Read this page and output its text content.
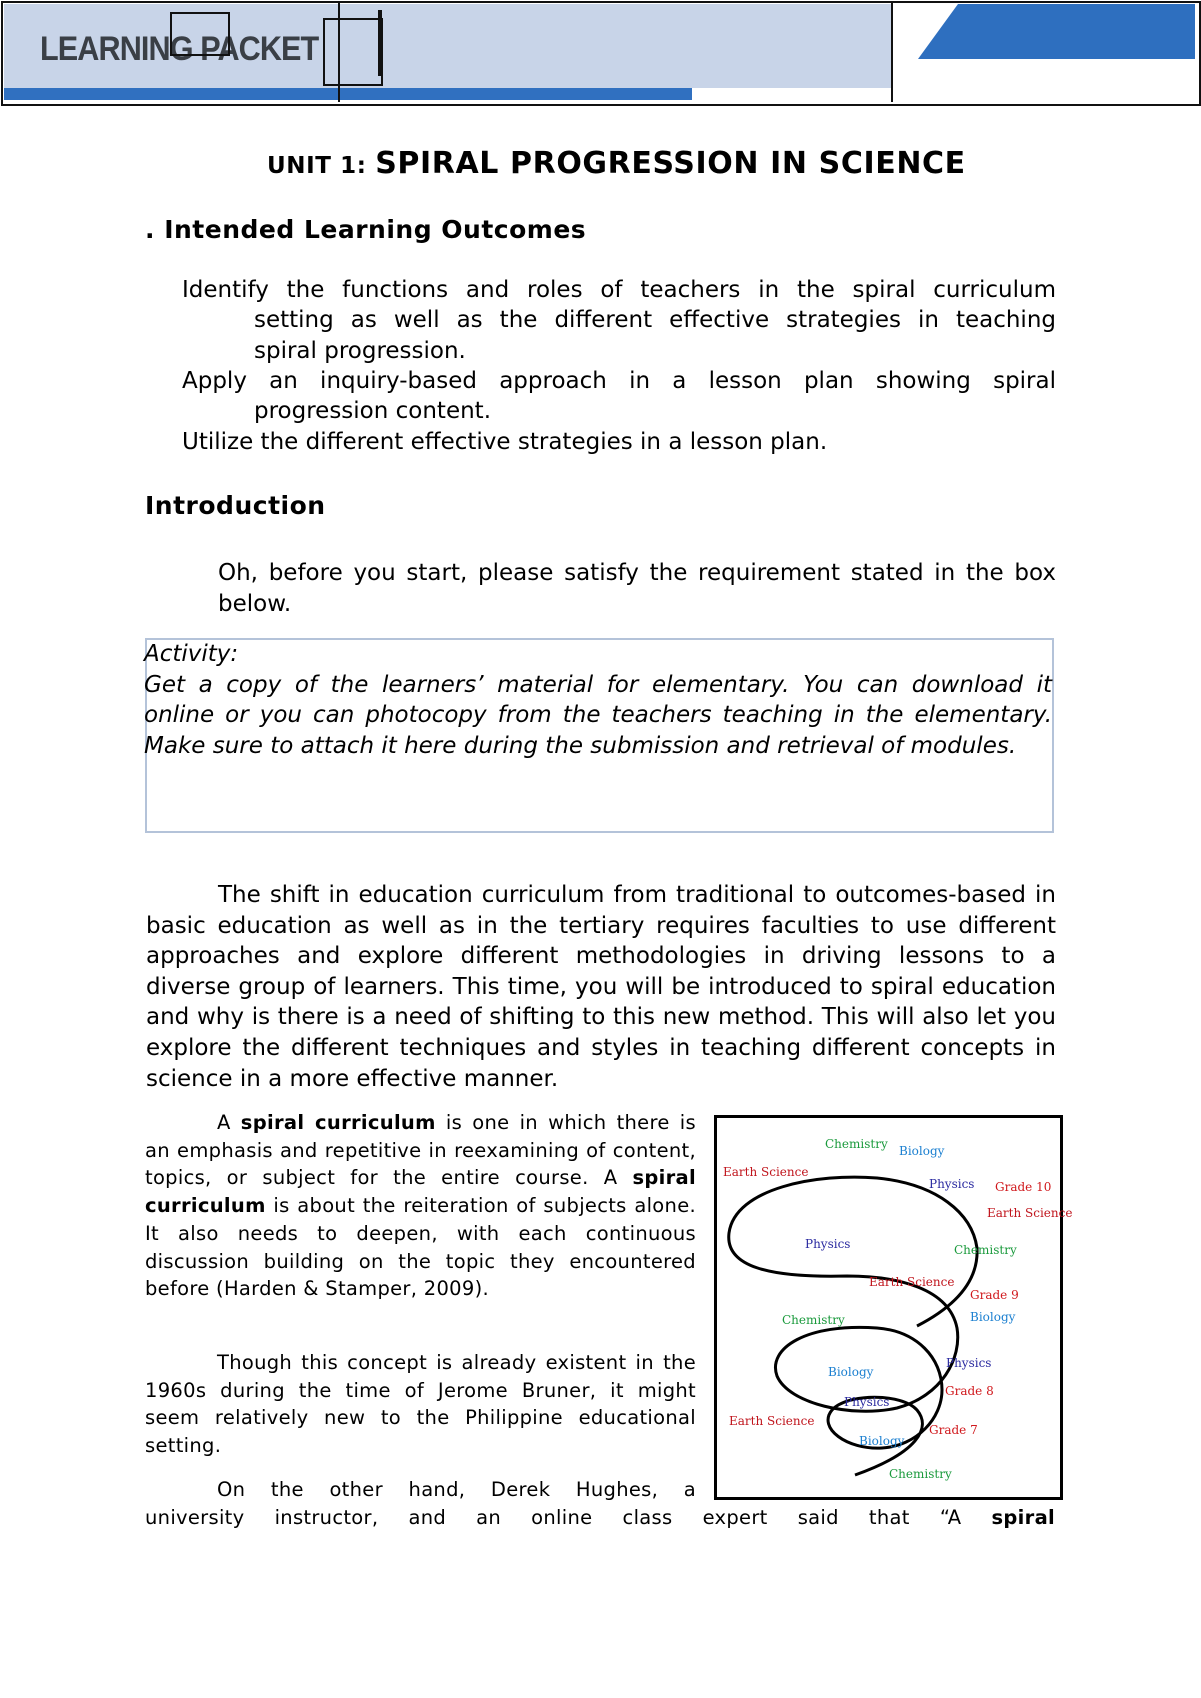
LEARNING PACKET
UNIT 1: SPIRAL PROGRESSION IN SCIENCE
. Intended Learning Outcomes
Identify the functions and roles of teachers in the spiral curriculum
setting as well as the different effective strategies in teaching
spiral progression.
Apply an inquiry-based approach in a lesson plan showing spiral
progression content.
Utilize the different effective strategies in a lesson plan.
Introduction
Oh, before you start, please satisfy the requirement stated in the box below.
Activity:
Get a copy of the learners’ material for elementary. You can download it online or you can photocopy from the teachers teaching in the elementary. Make sure to attach it here during the submission and retrieval of modules.
The shift in education curriculum from traditional to outcomes-based in basic education as well as in the tertiary requires faculties to use different approaches and explore different methodologies in driving lessons to a diverse group of learners. This time, you will be introduced to spiral education and why is there is a need of shifting to this new method. This will also let you explore the different techniques and styles in teaching different concepts in science in a more effective manner.
A spiral curriculum is one in which there is an emphasis and repetitive in reexamining of content, topics, or subject for the entire course. A spiral curriculum is about the reiteration of subjects alone. It also needs to deepen, with each continuous discussion building on the topic they encountered before (Harden & Stamper, 2009).
Though this concept is already existent in the 1960s during the time of Jerome Bruner, it might seem relatively new to the Philippine educational setting.
On the other hand, Derek Hughes, a
university instructor, and an online class expert said that “A spiral
Chemistry Biology
Earth Science
Physics Grade 10
Earth Science
Physics	Chemistry
Earth Science
Grade 9
Chemistry	Biology
Physics
Biology
Grade 8
Physics
Earth Science
Grade 7
Biology
Chemistry
